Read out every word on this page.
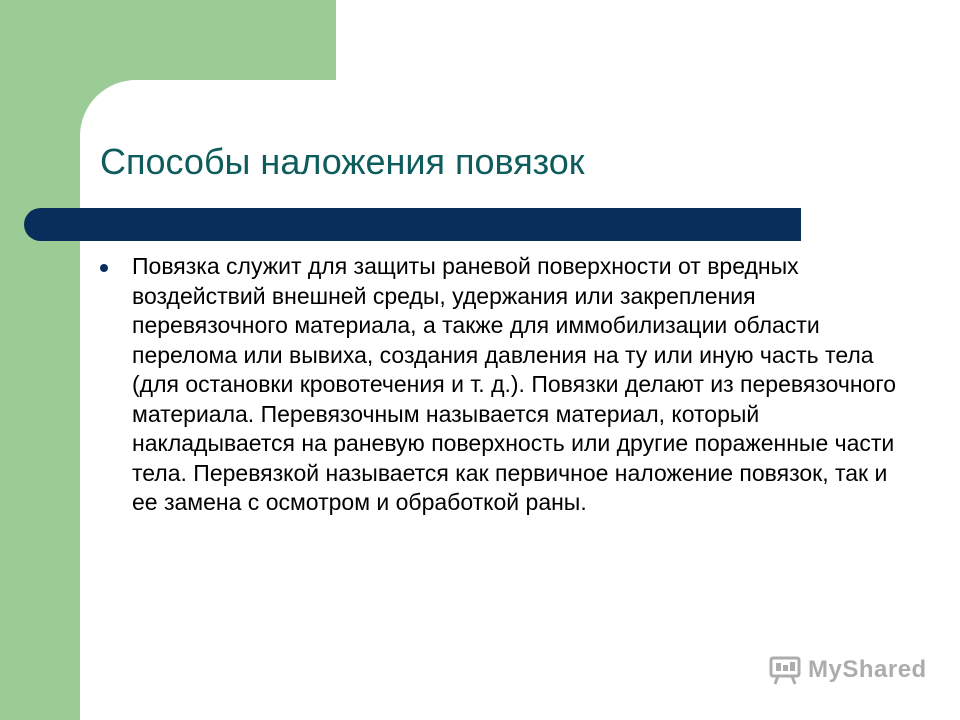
Способы наложения повязок
Повязка служит для защиты раневой поверхности от вредных воздействий внешней среды, удержания или закрепления перевязочного материала, а также для иммобилизации области перелома или вывиха, создания давления на ту или иную часть тела (для остановки кровотечения и т. д.). Повязки делают из перевязочного материала. Перевязочным называется материал, который накладывается на раневую поверхность или другие пораженные части тела. Перевязкой называется как первичное наложение повязок, так и ее замена с осмотром и обработкой раны.
MyShared
